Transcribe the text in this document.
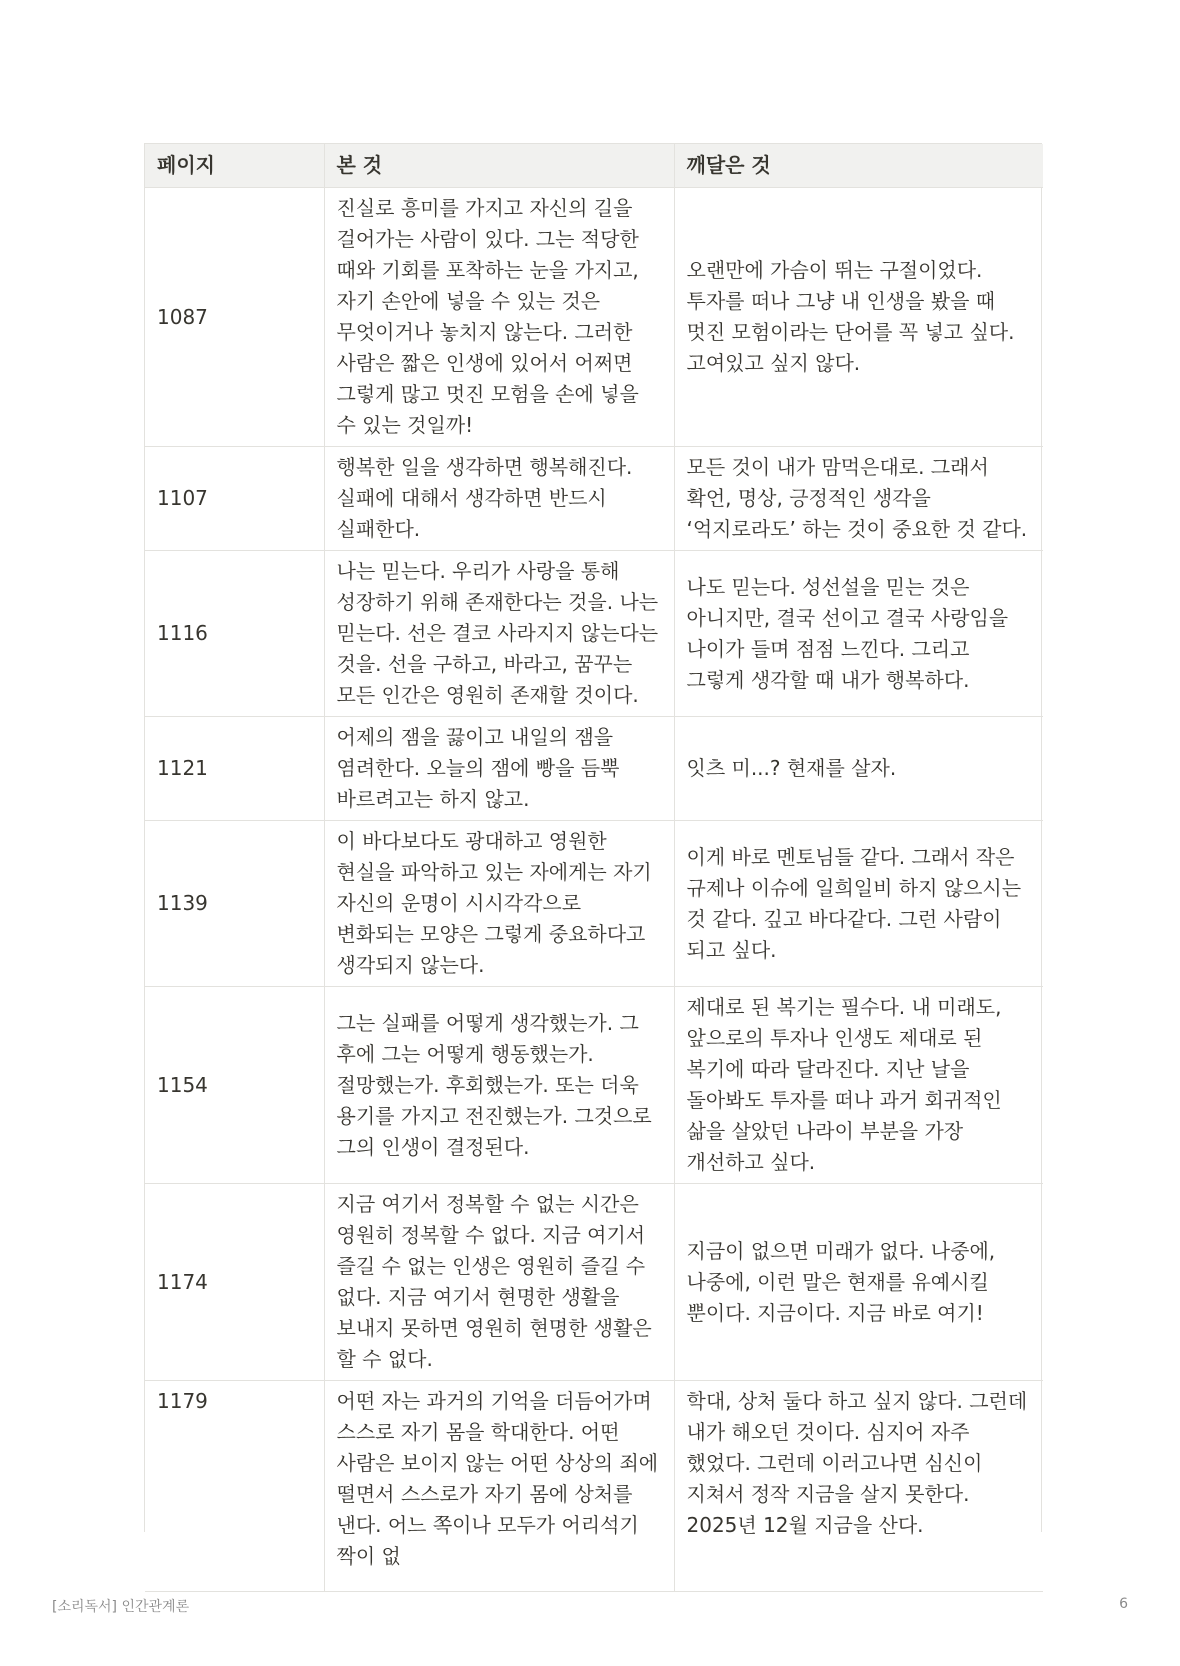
페이지	본 것	깨달은 것
1087	진실로 흥미를 가지고 자신의 길을 걸어가는 사람이 있다. 그는 적당한 때와 기회를 포착하는 눈을 가지고, 자기 손안에 넣을 수 있는 것은 무엇이거나 놓치지 않는다. 그러한 사람은 짧은 인생에 있어서 어쩌면 그렇게 많고 멋진 모험을 손에 넣을 수 있는 것일까!	오랜만에 가슴이 뛰는 구절이었다. 투자를 떠나 그냥 내 인생을 봤을 때 멋진 모험이라는 단어를 꼭 넣고 싶다. 고여있고 싶지 않다.
1107	행복한 일을 생각하면 행복해진다. 실패에 대해서 생각하면 반드시 실패한다.	모든 것이 내가 맘먹은대로. 그래서 확언, 명상, 긍정적인 생각을 ‘억지로라도’ 하는 것이 중요한 것 같다.
1116	나는 믿는다. 우리가 사랑을 통해 성장하기 위해 존재한다는 것을. 나는 믿는다. 선은 결코 사라지지 않는다는 것을. 선을 구하고, 바라고, 꿈꾸는 모든 인간은 영원히 존재할 것이다.	나도 믿는다. 성선설을 믿는 것은 아니지만, 결국 선이고 결국 사랑임을 나이가 들며 점점 느낀다. 그리고 그렇게 생각할 때 내가 행복하다.
1121	어제의 잼을 끓이고 내일의 잼을 염려한다. 오늘의 잼에 빵을 듬뿍 바르려고는 하지 않고.	잇츠 미...? 현재를 살자.
1139	이 바다보다도 광대하고 영원한 현실을 파악하고 있는 자에게는 자기 자신의 운명이 시시각각으로 변화되는 모양은 그렇게 중요하다고 생각되지 않는다.	이게 바로 멘토님들 같다. 그래서 작은 규제나 이슈에 일희일비 하지 않으시는 것 같다. 깊고 바다같다. 그런 사람이 되고 싶다.
1154	그는 실패를 어떻게 생각했는가. 그 후에 그는 어떻게 행동했는가. 절망했는가. 후회했는가. 또는 더욱 용기를 가지고 전진했는가. 그것으로 그의 인생이 결정된다.	제대로 된 복기는 필수다. 내 미래도, 앞으로의 투자나 인생도 제대로 된 복기에 따라 달라진다. 지난 날을 돌아봐도 투자를 떠나 과거 회귀적인 삶을 살았던 나라이 부분을 가장 개선하고 싶다.
1174	지금 여기서 정복할 수 없는 시간은 영원히 정복할 수 없다. 지금 여기서 즐길 수 없는 인생은 영원히 즐길 수 없다. 지금 여기서 현명한 생활을 보내지 못하면 영원히 현명한 생활은 할 수 없다.	지금이 없으면 미래가 없다. 나중에, 나중에, 이런 말은 현재를 유예시킬 뿐이다. 지금이다. 지금 바로 여기!
1179	어떤 자는 과거의 기억을 더듬어가며 스스로 자기 몸을 학대한다. 어떤 사람은 보이지 않는 어떤 상상의 죄에 떨면서 스스로가 자기 몸에 상처를 낸다. 어느 쪽이나 모두가 어리석기 짝이 없	학대, 상처 둘다 하고 싶지 않다. 그런데 내가 해오던 것이다. 심지어 자주 했었다. 그런데 이러고나면 심신이 지쳐서 정작 지금을 살지 못한다. 2025년 12월 지금을 산다.
[소리독서] 인간관계론	6
